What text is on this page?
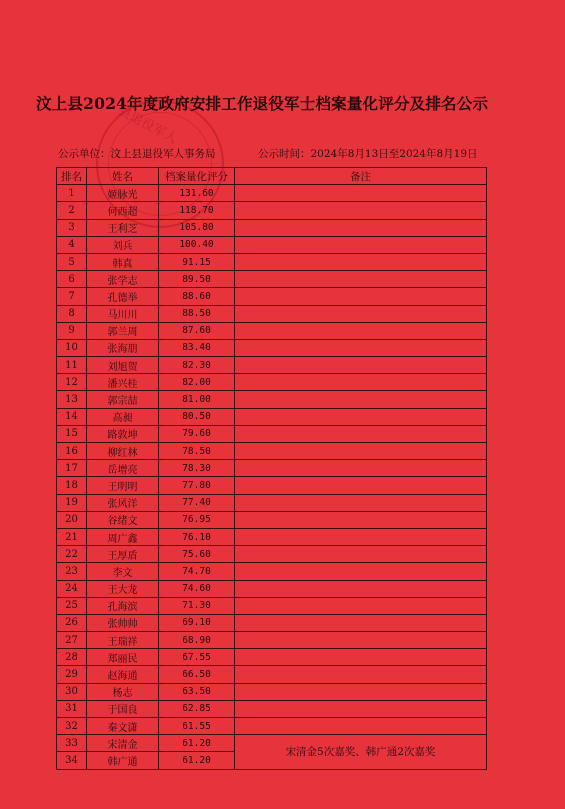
县退役军人
汶上县2024年度政府安排工作退役军士档案量化评分及排名公示
公示单位：汶上县退役军人事务局	公示时间：2024年8月13日至2024年8月19日
排名	姓名	档案量化评分	备注
1	姬脉光	131.60	
2	何西超	118.70	
3	王利芝	105.80	
4	刘兵	100.40	
5	韩真	91.15	
6	张学志	89.50	
7	孔德举	88.60	
8	马川川	88.50	
9	郭兰周	87.60	
10	张海朋	83.40	
11	刘旭贺	82.30	
12	潘兴桂	82.00	
13	郭宗喆	81.00	
14	高昶	80.50	
15	路敦坤	79.60	
16	柳红林	78.50	
17	岳增亮	78.30	
18	王明明	77.80	
19	张风洋	77.40	
20	谷绪文	76.95	
21	周广鑫	76.10	
22	王厚盾	75.60	
23	李文	74.70	
24	王大龙	74.60	
25	孔海滨	71.30	
26	张帅帅	69.10	
27	王瑞祥	68.90	
28	郑丽民	67.55	
29	赵海通	66.50	
30	杨志	63.50	
31	于国良	62.85	
32	秦文潇	61.55	
33	宋清金	61.20	宋清金5次嘉奖、韩广通2次嘉奖
34	韩广通	61.20	
